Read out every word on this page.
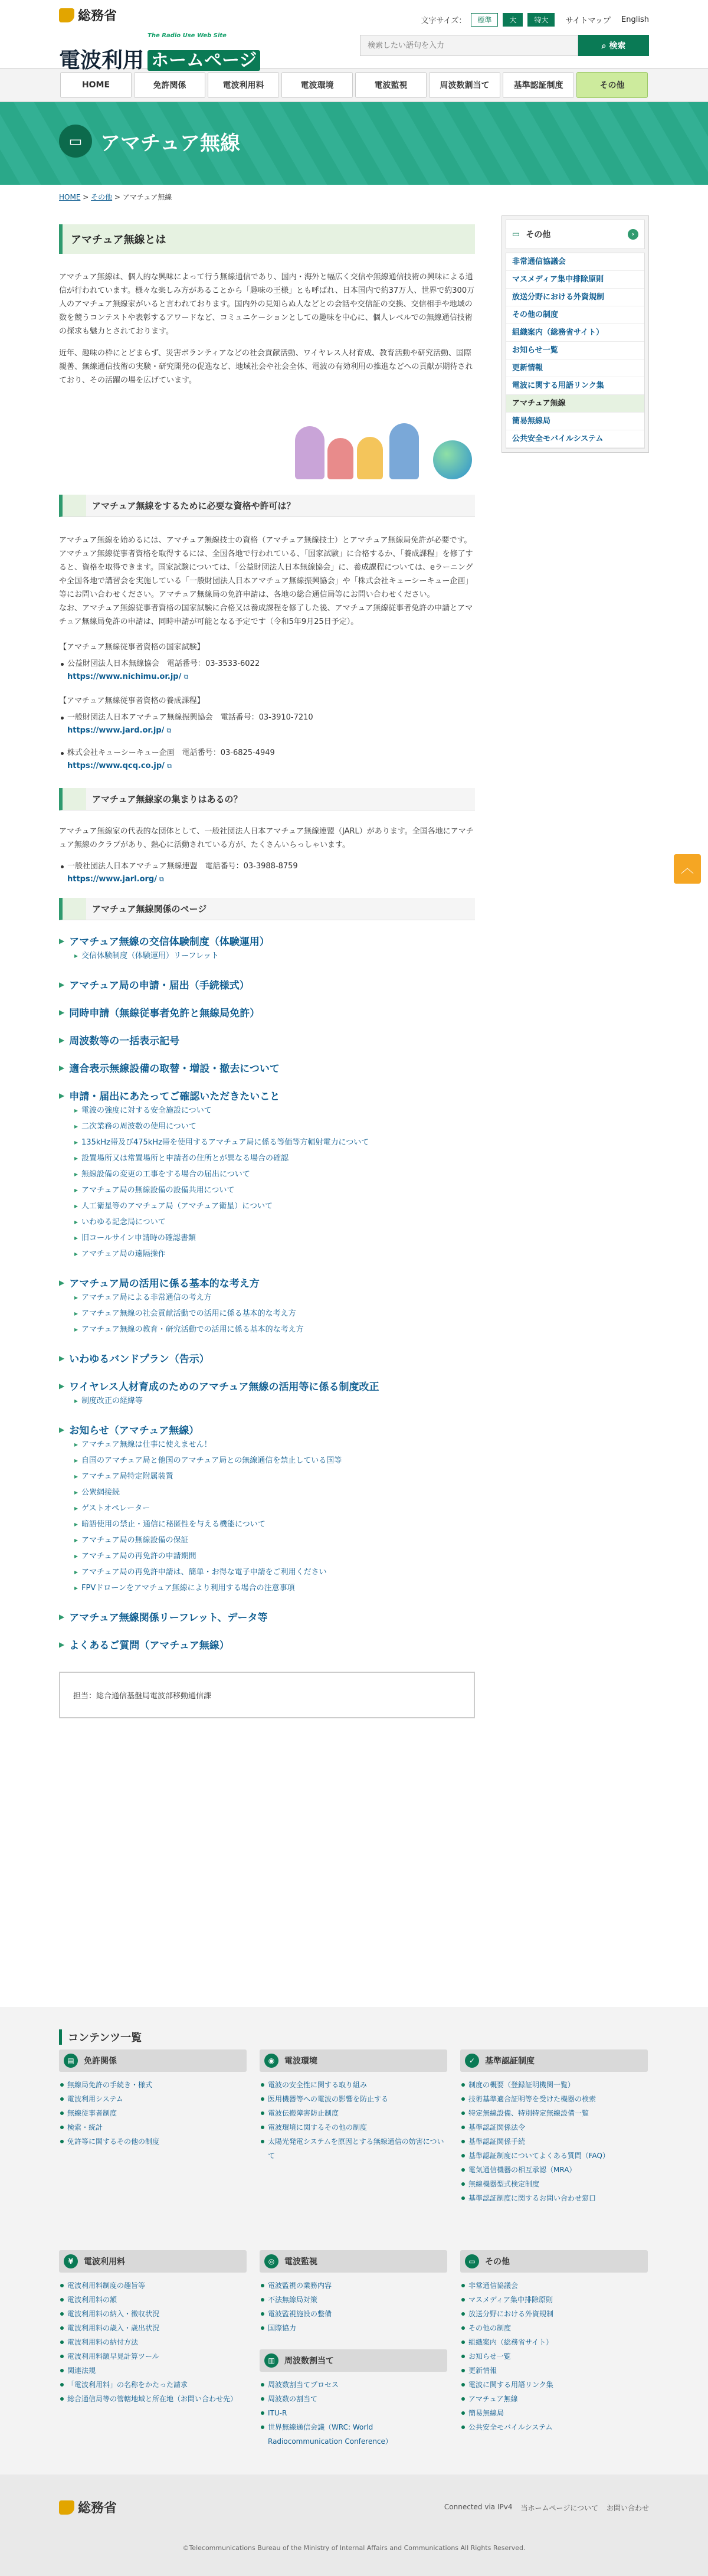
総務省
電波利用
The Radio Use Web Site
ホームページ
文字サイズ：	標準	大	特大	サイトマップ English
検索したい語句を入力
⌕ 検索
HOME	免許関係	電波利用料	電波環境	電波監視	周波数割当て	基準認証制度	その他
▭ アマチュア無線
HOME > その他 > アマチュア無線
アマチュア無線とは

アマチュア無線は、個人的な興味によって行う無線通信であり、国内・海外と幅広く交信や無線通信技術の興味による通信が行われています。様々な楽しみ方があることから「趣味の王様」とも呼ばれ、日本国内で約37万人、世界で約300万人のアマチュア無線家がいると言われております。国内外の見知らぬ人などとの会話や交信証の交換、交信相手や地域の数を競うコンテストや表彰するアワードなど、コミュニケーションとしての趣味を中心に、個人レベルでの無線通信技術の探求も魅力とされております。

近年、趣味の枠にとどまらず、災害ボランティアなどの社会貢献活動、ワイヤレス人材育成、教育活動や研究活動、国際親善、無線通信技術の実験・研究開発の促進など、地域社会や社会全体、電波の有効利用の推進などへの貢献が期待されており、その活躍の場を広げています。

アマチュア無線をするために必要な資格や許可は？

アマチュア無線を始めるには、アマチュア無線技士の資格（アマチュア無線技士）とアマチュア無線局免許が必要です。

アマチュア無線従事者資格を取得するには、全国各地で行われている、「国家試験」に合格するか、「養成課程」を修了すると、資格を取得できます。国家試験については、「公益財団法人日本無線協会」に、養成課程については、eラーニングや全国各地で講習会を実施している「一般財団法人日本アマチュア無線振興協会」や「株式会社キューシーキュー企画」等にお問い合わせください。アマチュア無線局の免許申請は、各地の総合通信局等にお問い合わせください。

なお、アマチュア無線従事者資格の国家試験に合格又は養成課程を修了した後、アマチュア無線従事者免許の申請とアマチュア無線局免許の申請は、同時申請が可能となる予定です（令和5年9月25日予定）。

【アマチュア無線従事者資格の国家試験】

公益財団法人日本無線協会　電話番号：03-3533-6022
https://www.nichimu.or.jp/ ⧉

【アマチュア無線従事者資格の養成課程】

一般財団法人日本アマチュア無線振興協会　電話番号：03-3910-7210
https://www.jard.or.jp/ ⧉
株式会社キューシーキュー企画　電話番号：03-6825-4949
https://www.qcq.co.jp/ ⧉
アマチュア無線家の集まりはあるの？

アマチュア無線家の代表的な団体として、一般社団法人日本アマチュア無線連盟（JARL）があります。全国各地にアマチュア無線のクラブがあり、熱心に活動されている方が、たくさんいらっしゃいます。

一般社団法人日本アマチュア無線連盟　電話番号：03-3988-8759
https://www.jarl.org/ ⧉
アマチュア無線関係のページ
▶ アマチュア無線の交信体験制度（体験運用）
▸ 交信体験制度（体験運用）リーフレット
▶ アマチュア局の申請・届出（手続様式）
▶ 同時申請（無線従事者免許と無線局免許）
▶ 周波数等の一括表示記号
▶ 適合表示無線設備の取替・増設・撤去について
▶ 申請・届出にあたってご確認いただきたいこと
▸ 電波の強度に対する安全施設について
▸ 二次業務の周波数の使用について
▸ 135kHz帯及び475kHz帯を使用するアマチュア局に係る等価等方輻射電力について
▸ 設置場所又は常置場所と申請者の住所とが異なる場合の確認
▸ 無線設備の変更の工事をする場合の届出について
▸ アマチュア局の無線設備の設備共用について
▸ 人工衛星等のアマチュア局（アマチュア衛星）について
▸ いわゆる記念局について
▸ 旧コールサイン申請時の確認書類
▸ アマチュア局の遠隔操作
▶ アマチュア局の活用に係る基本的な考え方
▸ アマチュア局による非常通信の考え方
▸ アマチュア無線の社会貢献活動での活用に係る基本的な考え方
▸ アマチュア無線の教育・研究活動での活用に係る基本的な考え方
▶ いわゆるバンドプラン（告示）
▶ ワイヤレス人材育成のためのアマチュア無線の活用等に係る制度改正
▸ 制度改正の経緯等
▶ お知らせ（アマチュア無線）
▸ アマチュア無線は仕事に使えません！
▸ 自国のアマチュア局と他国のアマチュア局との無線通信を禁止している国等
▸ アマチュア局特定附属装置
▸ 公衆網接続
▸ ゲストオペレーター
▸ 暗語使用の禁止・通信に秘匿性を与える機能について
▸ アマチュア局の無線設備の保証
▸ アマチュア局の再免許の申請期間
▸ アマチュア局の再免許申請は、簡単・お得な電子申請をご利用ください
▸ FPVドローンをアマチュア無線により利用する場合の注意事項
▶ アマチュア無線関係リーフレット、データ等
▶ よくあるご質問（アマチュア無線）
担当：総合通信基盤局電波部移動通信課
▭ その他	›
非常通信協議会
マスメディア集中排除原則
放送分野における外資規制
その他の制度
組織案内（総務省サイト）
お知らせ一覧
更新情報
電波に関する用語リンク集
アマチュア無線
簡易無線局
公共安全モバイルシステム
︿
コンテンツ一覧
▤	免許関係
無線局免許の手続き・様式
電波利用システム
無線従事者制度
検索・統計
免許等に関するその他の制度
◉	電波環境
電波の安全性に関する取り組み
医用機器等への電波の影響を防止する
電波伝搬障害防止制度
電波環境に関するその他の制度
太陽光発電システムを原因とする無線通信の妨害について
✓	基準認証制度
制度の概要（登録証明機関一覧）
技術基準適合証明等を受けた機器の検索
特定無線設備、特別特定無線設備一覧
基準認証関係法令
基準認証関係手続
基準認証制度についてよくある質問（FAQ）
電気通信機器の相互承認（MRA）
無線機器型式検定制度
基準認証制度に関するお問い合わせ窓口
¥	電波利用料
電波利用料制度の趣旨等
電波利用料の額
電波利用料の納入・徴収状況
電波利用料の歳入・歳出状況
電波利用料の納付方法
電波利用料額早見計算ツール
関連法規
「電波利用料」の名称をかたった請求
総合通信局等の管轄地域と所在地（お問い合わせ先）
◎	電波監視
電波監視の業務内容
不法無線局対策
電波監視施設の整備
国際協力
▭	その他
非常通信協議会
マスメディア集中排除原則
放送分野における外資規制
その他の制度
組織案内（総務省サイト）
お知らせ一覧
更新情報
電波に関する用語リンク集
アマチュア無線
簡易無線局
公共安全モバイルシステム
▥	周波数割当て
周波数割当てプロセス
周波数の割当て
ITU-R
世界無線通信会議（WRC: World Radiocommunication Conference）
総務省	Connected via IPv4 当ホームページについて お問い合わせ
©Telecommunications Bureau of the Ministry of Internal Affairs and Communications All Rights Reserved.
